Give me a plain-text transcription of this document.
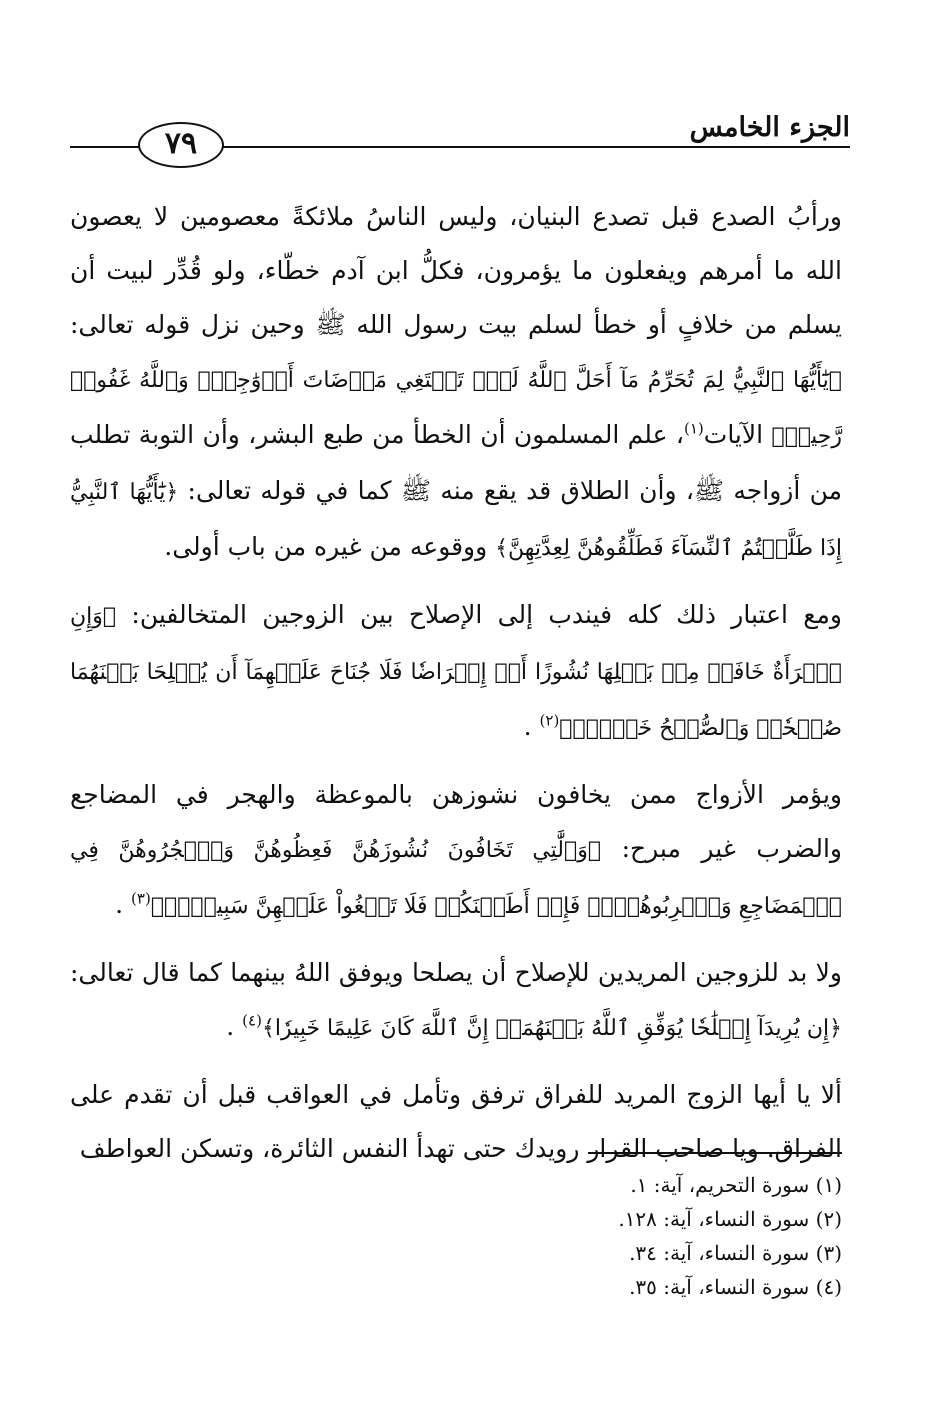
الجزء الخامس
٧٩

ورأبُ الصدع قبل تصدع البنيان، وليس الناسُ ملائكةً معصومين لا يعصون الله ما أمرهم ويفعلون ما يؤمرون، فكلُّ ابن آدم خطّاء، ولو قُدِّر لبيت أن يسلم من خلافٍ أو خطأ لسلم بيت رسول الله ﷺ وحين نزل قوله تعالى: ﴿يَٰٓأَيُّهَا ٱلنَّبِيُّ لِمَ تُحَرِّمُ مَآ أَحَلَّ ٱللَّهُ لَكَۖ تَبۡتَغِي مَرۡضَاتَ أَزۡوَٰجِكَۚ وَٱللَّهُ غَفُورٞ رَّحِيمٞ﴾ الآيات$^{(١)}$، علم المسلمون أن الخطأ من طبع البشر، وأن التوبة تطلب من أزواجه ﷺ، وأن الطلاق قد يقع منه ﷺ كما في قوله تعالى: ﴿يَٰٓأَيُّهَا ٱلنَّبِيُّ إِذَا طَلَّقۡتُمُ ٱلنِّسَآءَ فَطَلِّقُوهُنَّ لِعِدَّتِهِنَّ﴾ ووقوعه من غيره من باب أولى.

ومع اعتبار ذلك كله فيندب إلى الإصلاح بين الزوجين المتخالفين: ﴿وَإِنِ ٱمۡرَأَةٌ خَافَتۡ مِنۢ بَعۡلِهَا نُشُوزًا أَوۡ إِعۡرَاضٗا فَلَا جُنَاحَ عَلَيۡهِمَآ أَن يُصۡلِحَا بَيۡنَهُمَا صُلۡحٗاۚ وَٱلصُّلۡحُ خَيۡرٞۗ﴾$^{(٢)}$ .

ويؤمر الأزواج ممن يخافون نشوزهن بالموعظة والهجر في المضاجع والضرب غير مبرح: ﴿وَٱلَّٰتِي تَخَافُونَ نُشُوزَهُنَّ فَعِظُوهُنَّ وَٱهۡجُرُوهُنَّ فِي ٱلۡمَضَاجِعِ وَٱضۡرِبُوهُنَّۖ فَإِنۡ أَطَعۡنَكُمۡ فَلَا تَبۡغُواْ عَلَيۡهِنَّ سَبِيلًاۗ﴾$^{(٣)}$ .

ولا بد للزوجين المريدين للإصلاح أن يصلحا ويوفق اللهُ بينهما كما قال تعالى: ﴿إِن يُرِيدَآ إِصۡلَٰحٗا يُوَفِّقِ ٱللَّهُ بَيۡنَهُمَآۗ إِنَّ ٱللَّهَ كَانَ عَلِيمًا خَبِيرٗا﴾$^{(٤)}$ .

ألا يا أيها الزوج المريد للفراق ترفق وتأمل في العواقب قبل أن تقدم على الفراق. ويا صاحب القرار رويدك حتى تهدأ النفس الثائرة، وتسكن العواطف

(١) سورة التحريم، آية: ١.
(٢) سورة النساء، آية: ١٢٨.
(٣) سورة النساء، آية: ٣٤.
(٤) سورة النساء، آية: ٣٥.
